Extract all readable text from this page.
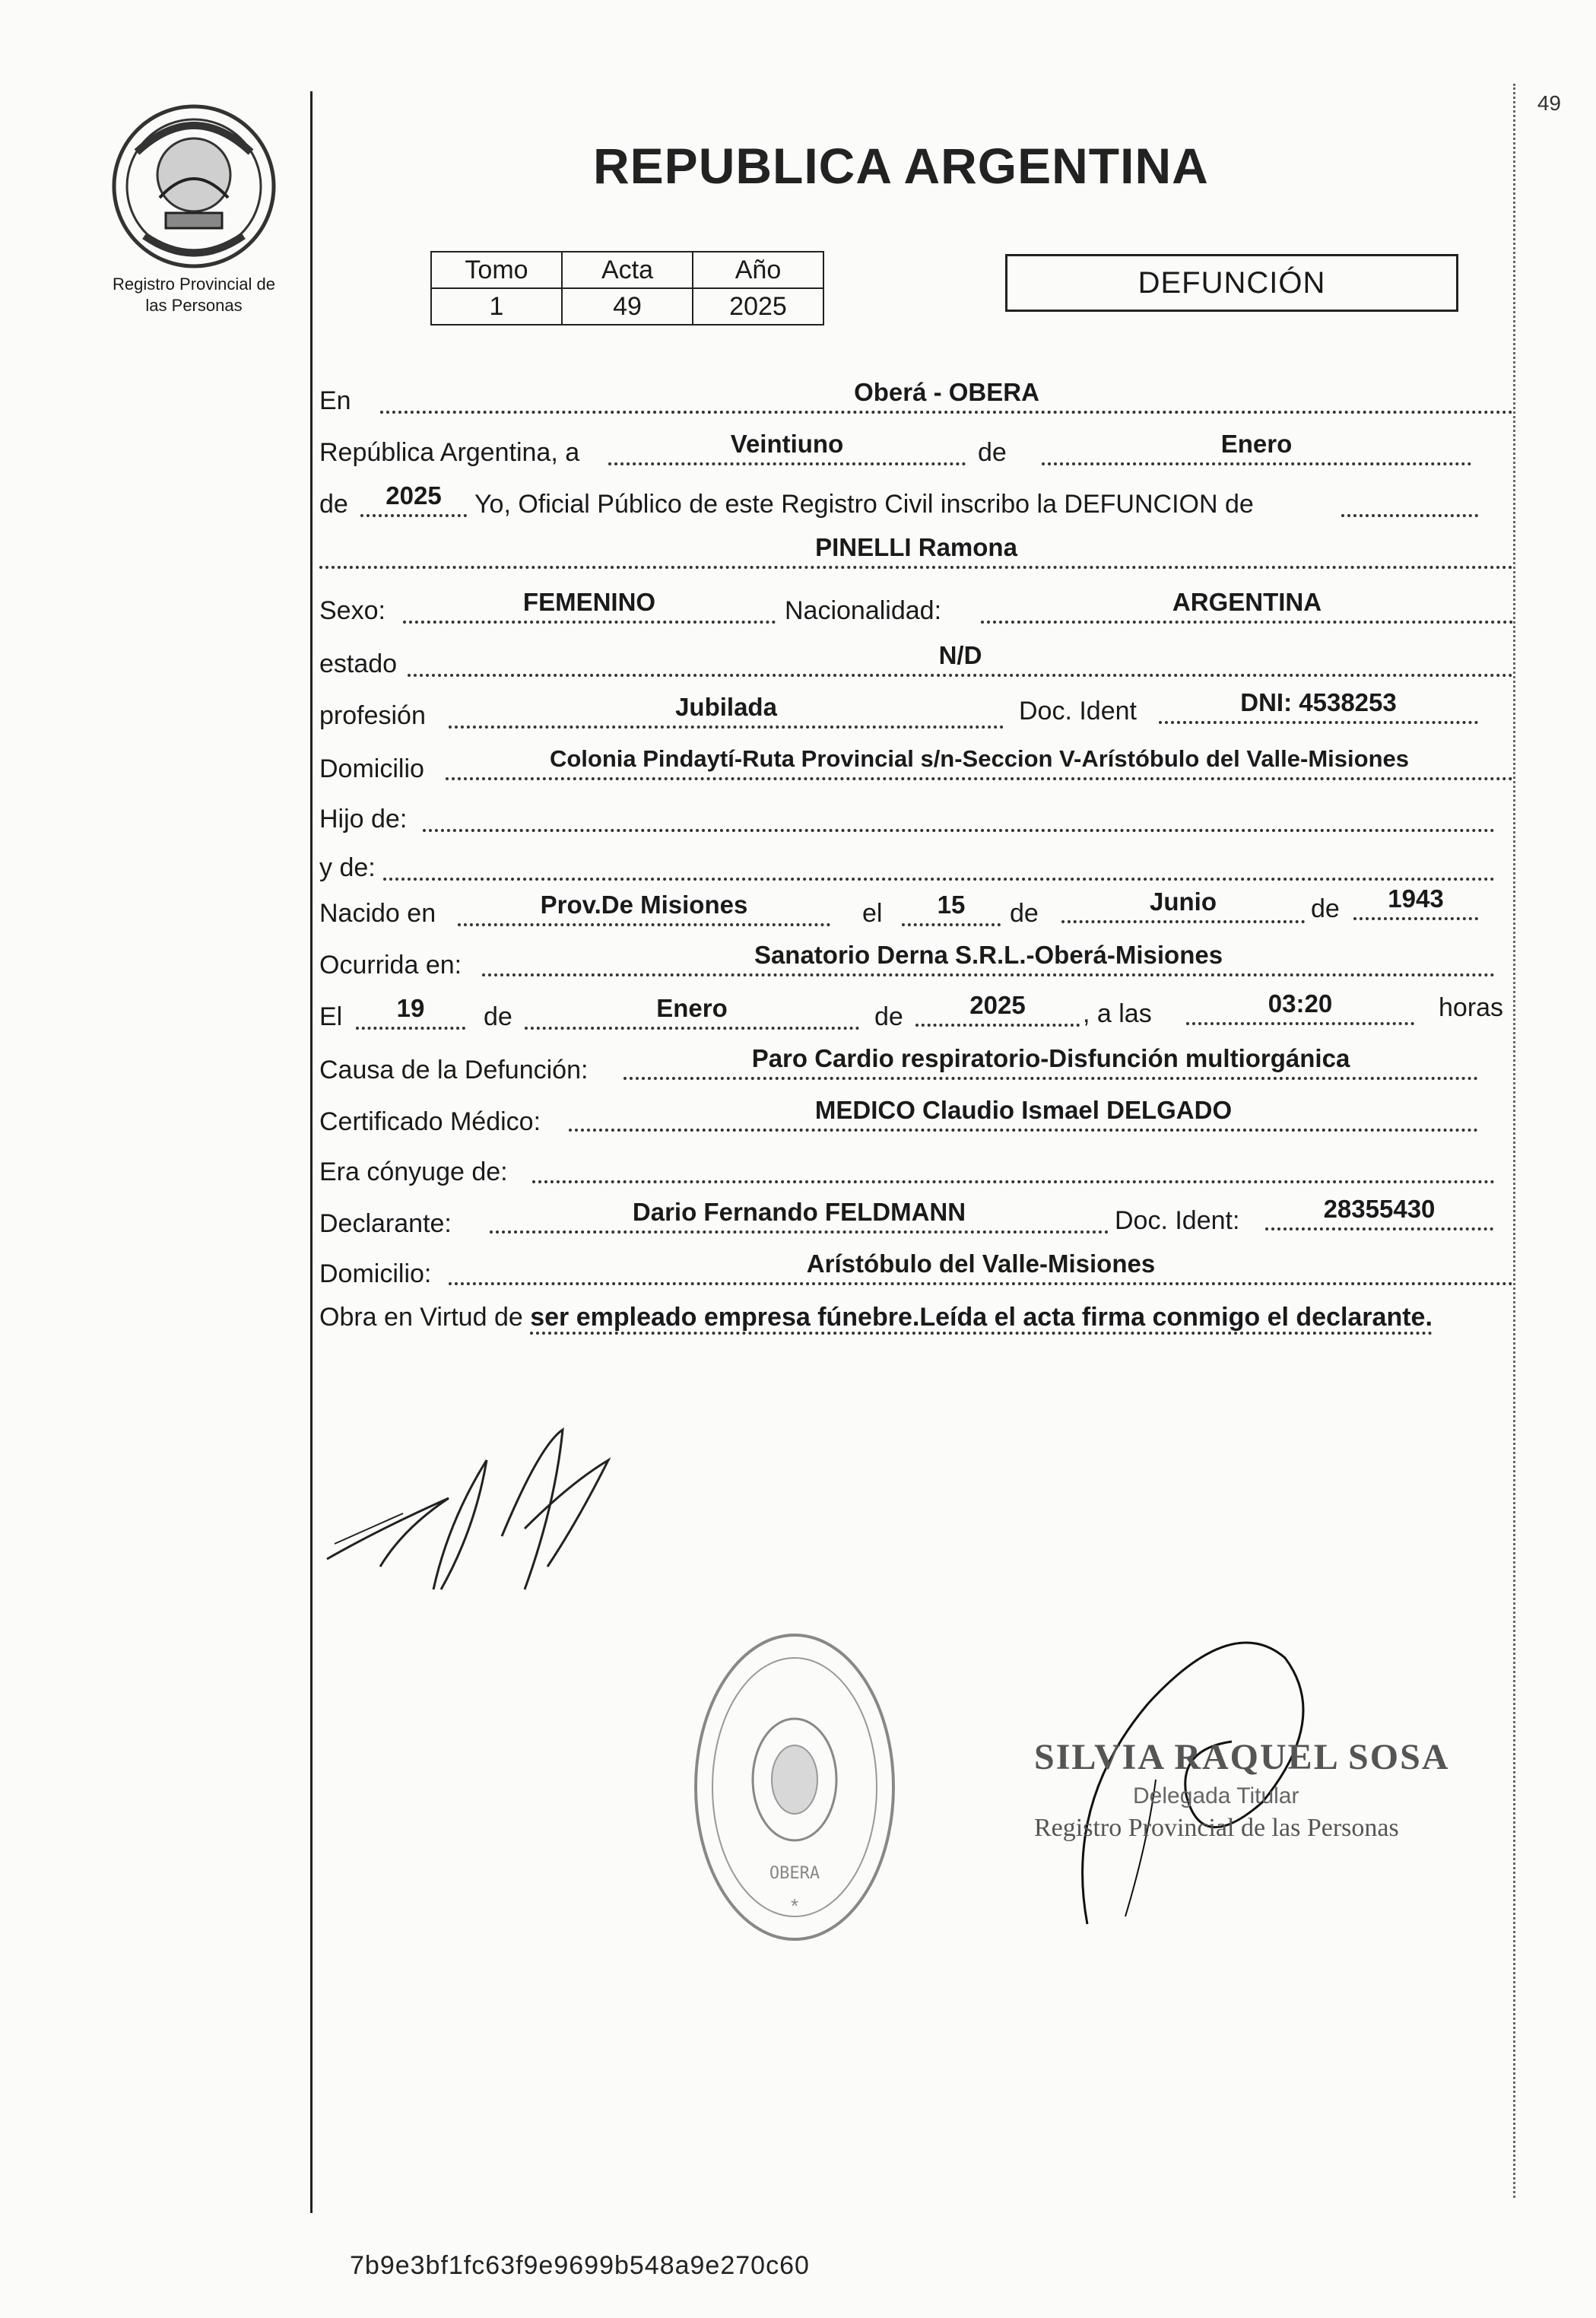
Registro Provincial de
las Personas
49
REPUBLICA ARGENTINA
Tomo	Acta	Año
1	49	2025
DEFUNCIÓN
En	Oberá - OBERA
República Argentina, a	Veintiuno	de	Enero
de	2025	Yo, Oficial Público de este Registro Civil inscribo la DEFUNCION de
PINELLI Ramona
Sexo:	FEMENINO	Nacionalidad:	ARGENTINA
estado	N/D
profesión	Jubilada	Doc. Ident	DNI: 4538253
Domicilio	Colonia Pindaytí-Ruta Provincial s/n-Seccion V-Arístóbulo del Valle-Misiones
Hijo de:
y de:
Nacido en	Prov.De Misiones	el	15	de	Junio	de	1943
Ocurrida en:	Sanatorio Derna S.R.L.-Oberá-Misiones
El	19	de	Enero	de	2025	, a las	03:20	horas
Causa de la Defunción:	Paro Cardio respiratorio-Disfunción multiorgánica
Certificado Médico:	MEDICO Claudio Ismael DELGADO
Era cónyuge de:
Declarante:	Dario Fernando FELDMANN	Doc. Ident:	28355430
Domicilio:	Arístóbulo del Valle-Misiones
Obra en Virtud de ser empleado empresa fúnebre.Leída el acta firma conmigo el declarante.
OBERA
*
SILVIA RAQUEL SOSA
Delegada Titular
Registro Provincial de las Personas
7b9e3bf1fc63f9e9699b548a9e270c60
